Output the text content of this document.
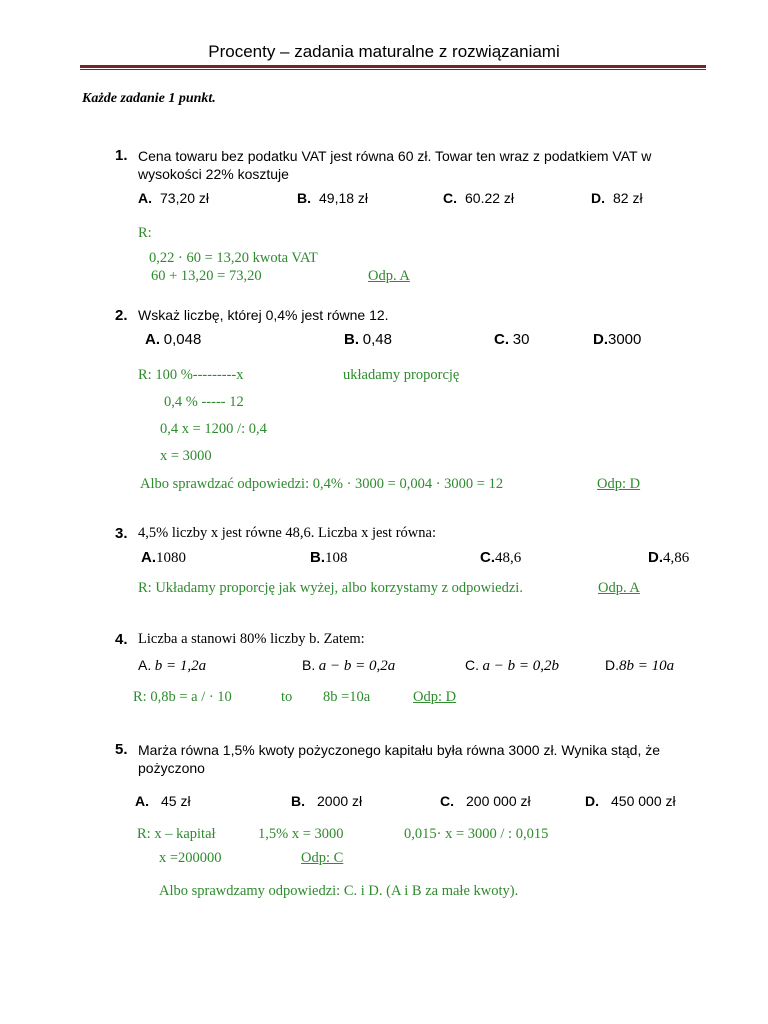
Procenty – zadania maturalne z rozwiązaniami
Każde zadanie 1 punkt.
1. Cena towaru bez podatku VAT jest równa 60 zł. Towar ten wraz z podatkiem VAT w
wysokości 22% kosztuje
A. 73,20 zł	B. 49,18 zł	C. 60.22 zł	D. 82 zł
R:
0,22 · 60 = 13,20 kwota VAT
60 + 13,20 = 73,20	Odp. A
2. Wskaż liczbę, której 0,4% jest równe 12.
A. 0,048	B. 0,48	C. 30	D.3000
R: 100 %---------x	układamy proporcję
0,4 % ----- 12
0,4 x = 1200 /: 0,4
x = 3000
Albo sprawdzać odpowiedzi: 0,4% · 3000 = 0,004 · 3000 = 12	Odp: D
3. 4,5% liczby x jest równe 48,6. Liczba x jest równa:
A.1080	B.108	C.48,6	D.4,86
R: Układamy proporcję jak wyżej, albo korzystamy z odpowiedzi.	Odp. A
4. Liczba a stanowi 80% liczby b. Zatem:
A. b = 1,2a	B. a − b = 0,2a	C. a − b = 0,2b	D.8b = 10a
R: 0,8b = a / · 10	to 8b =10a	Odp: D
5. Marża równa 1,5% kwoty pożyczonego kapitału była równa 3000 zł. Wynika stąd, że
pożyczono
A. 45 zł	B. 2000 zł	C. 200 000 zł	D. 450 000 zł
R: x – kapitał	1,5% x = 3000	0,015· x = 3000 / : 0,015
x =200000	Odp: C
Albo sprawdzamy odpowiedzi: C. i D. (A i B za małe kwoty).
